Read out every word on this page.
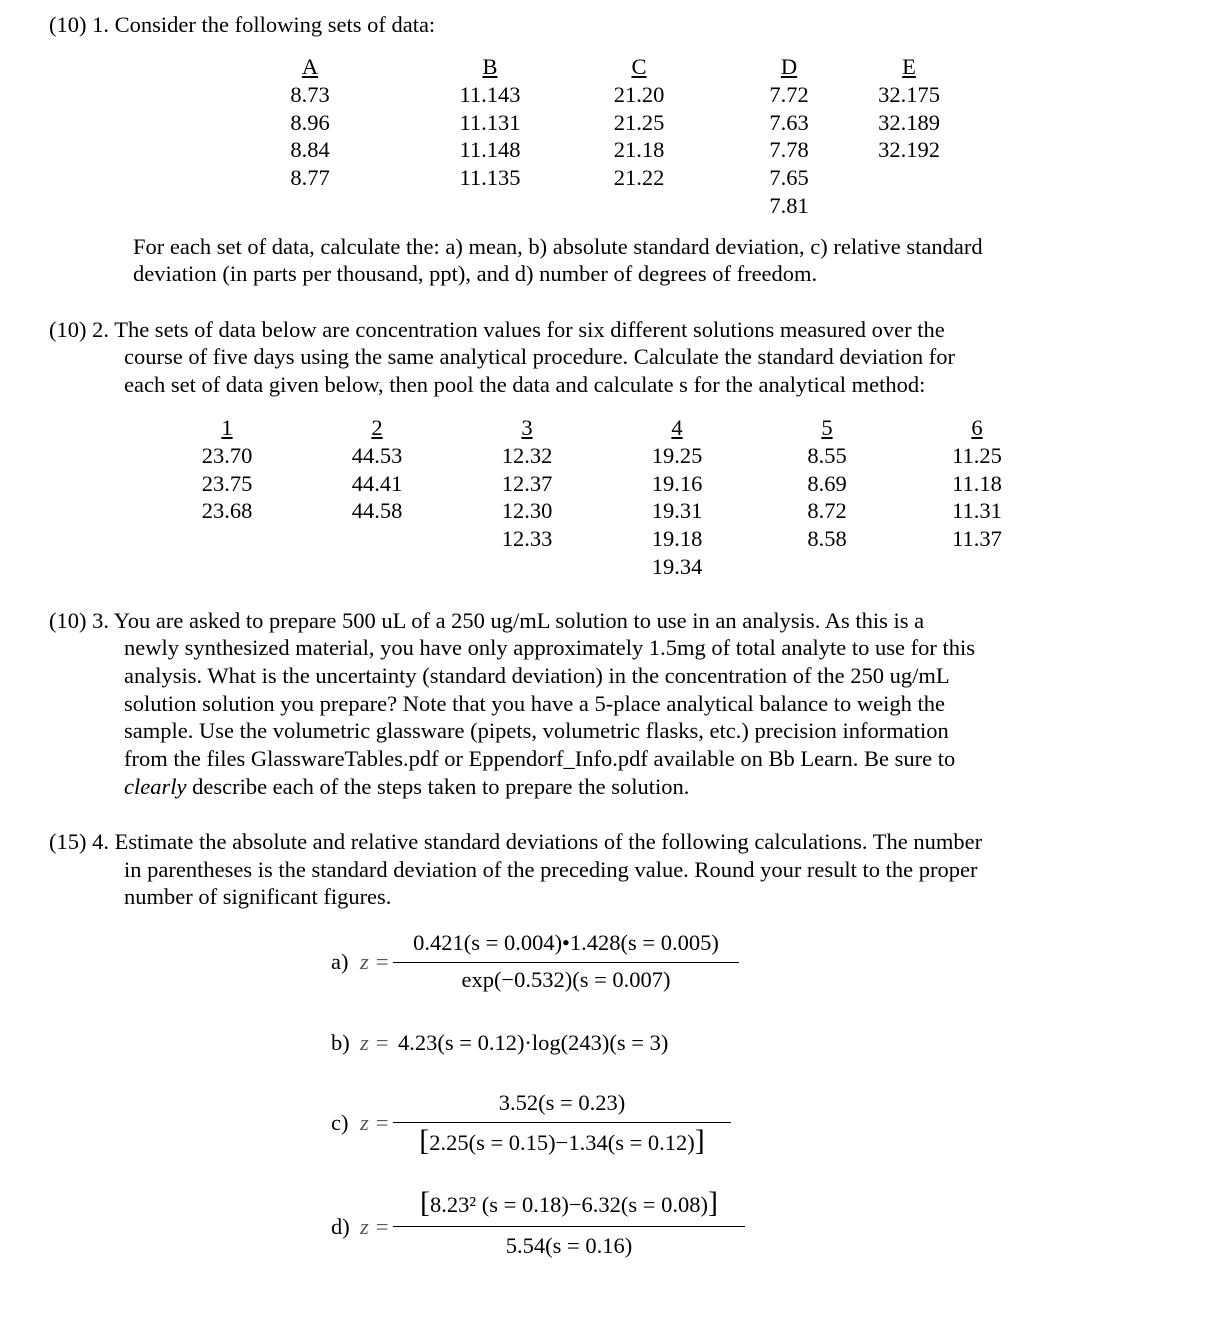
(10) 1. Consider the following sets of data:
A
8.73
8.96
8.84
8.77
B
11.143
11.131
11.148
11.135
C
21.20
21.25
21.18
21.22
D
7.72
7.63
7.78
7.65
7.81
E
32.175
32.189
32.192
For each set of data, calculate the: a) mean, b) absolute standard deviation, c) relative standard
deviation (in parts per thousand, ppt), and d) number of degrees of freedom.
(10) 2. The sets of data below are concentration values for six different solutions measured over the
course of five days using the same analytical procedure. Calculate the standard deviation for
each set of data given below, then pool the data and calculate s for the analytical method:
1
23.70
23.75
23.68
2
44.53
44.41
44.58
3
12.32
12.37
12.30
12.33
4
19.25
19.16
19.31
19.18
19.34
5
8.55
8.69
8.72
8.58
6
11.25
11.18
11.31
11.37
(10) 3. You are asked to prepare 500 uL of a 250 ug/mL solution to use in an analysis. As this is a
newly synthesized material, you have only approximately 1.5mg of total analyte to use for this
analysis. What is the uncertainty (standard deviation) in the concentration of the 250 ug/mL
solution solution you prepare? Note that you have a 5-place analytical balance to weigh the
sample. Use the volumetric glassware (pipets, volumetric flasks, etc.) precision information
from the files GlasswareTables.pdf or Eppendorf_Info.pdf available on Bb Learn. Be sure to
clearly describe each of the steps taken to prepare the solution.
(15) 4. Estimate the absolute and relative standard deviations of the following calculations. The number
in parentheses is the standard deviation of the preceding value. Round your result to the proper
number of significant figures.
a) z =
0.421(s = 0.004)•1.428(s = 0.005)
exp(−0.532)(s = 0.007)
b) z = 4.23(s = 0.12)·log(243)(s = 3)
c) z =
3.52(s = 0.23)
[2.25(s = 0.15)−1.34(s = 0.12)]
d) z =
[8.23² (s = 0.18)−6.32(s = 0.08)]
5.54(s = 0.16)
